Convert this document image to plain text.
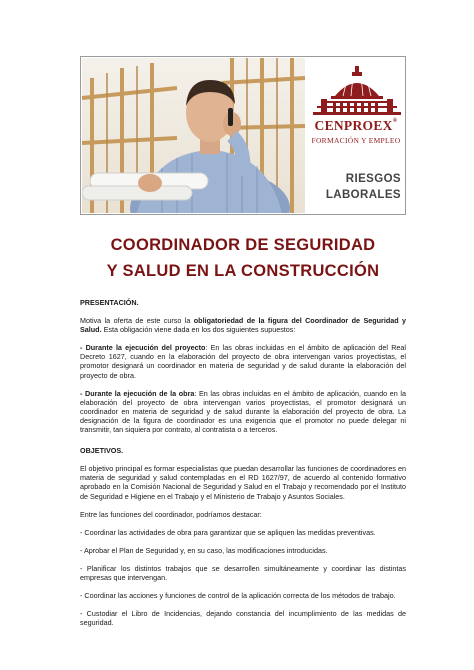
CENPROEX®
FORMACIÓN Y EMPLEO
RIESGOS
LABORALES
COORDINADOR DE SEGURIDAD
Y SALUD EN LA CONSTRUCCIÓN

PRESENTACIÓN.

Motiva la oferta de este curso la obligatoriedad de la figura del Coordinador de Seguridad y Salud. Esta obligación viene dada en los dos siguientes supuestos:

- Durante la ejecución del proyecto: En las obras incluidas en el ámbito de aplicación del Real Decreto 1627, cuando en la elaboración del proyecto de obra intervengan varios proyectistas, el promotor designará un coordinador en materia de seguridad y de salud durante la elaboración del proyecto de obra.

- Durante la ejecución de la obra: En las obras incluidas en el ámbito de aplicación, cuando en la elaboración del proyecto de obra intervengan varios proyectistas, el promotor designará un coordinador en materia de seguridad y de salud durante la elaboración del proyecto de obra. La designación de la figura de coordinador es una exigencia que el promotor no puede delegar ni transmitir, tan siquiera por contrato, al contratista o a terceros.

OBJETIVOS.

El objetivo principal es formar especialistas que puedan desarrollar las funciones de coordinadores en materia de seguridad y salud contempladas en el RD 1627/97, de acuerdo al contenido formativo aprobado en la Comisión Nacional de Seguridad y Salud en el Trabajo y recomendado por el Instituto de Seguridad e Higiene en el Trabajo y el Ministerio de Trabajo y Asuntos Sociales.

Entre las funciones del coordinador, podríamos destacar:

- Coordinar las actividades de obra para garantizar que se apliquen las medidas preventivas.

- Aprobar el Plan de Seguridad y, en su caso, las modificaciones introducidas.

- Planificar los distintos trabajos que se desarrollen simultáneamente y coordinar las distintas empresas que intervengan.

- Coordinar las acciones y funciones de control de la aplicación correcta de los métodos de trabajo.

- Custodiar el Libro de Incidencias, dejando constancia del incumplimiento de las medidas de seguridad.
